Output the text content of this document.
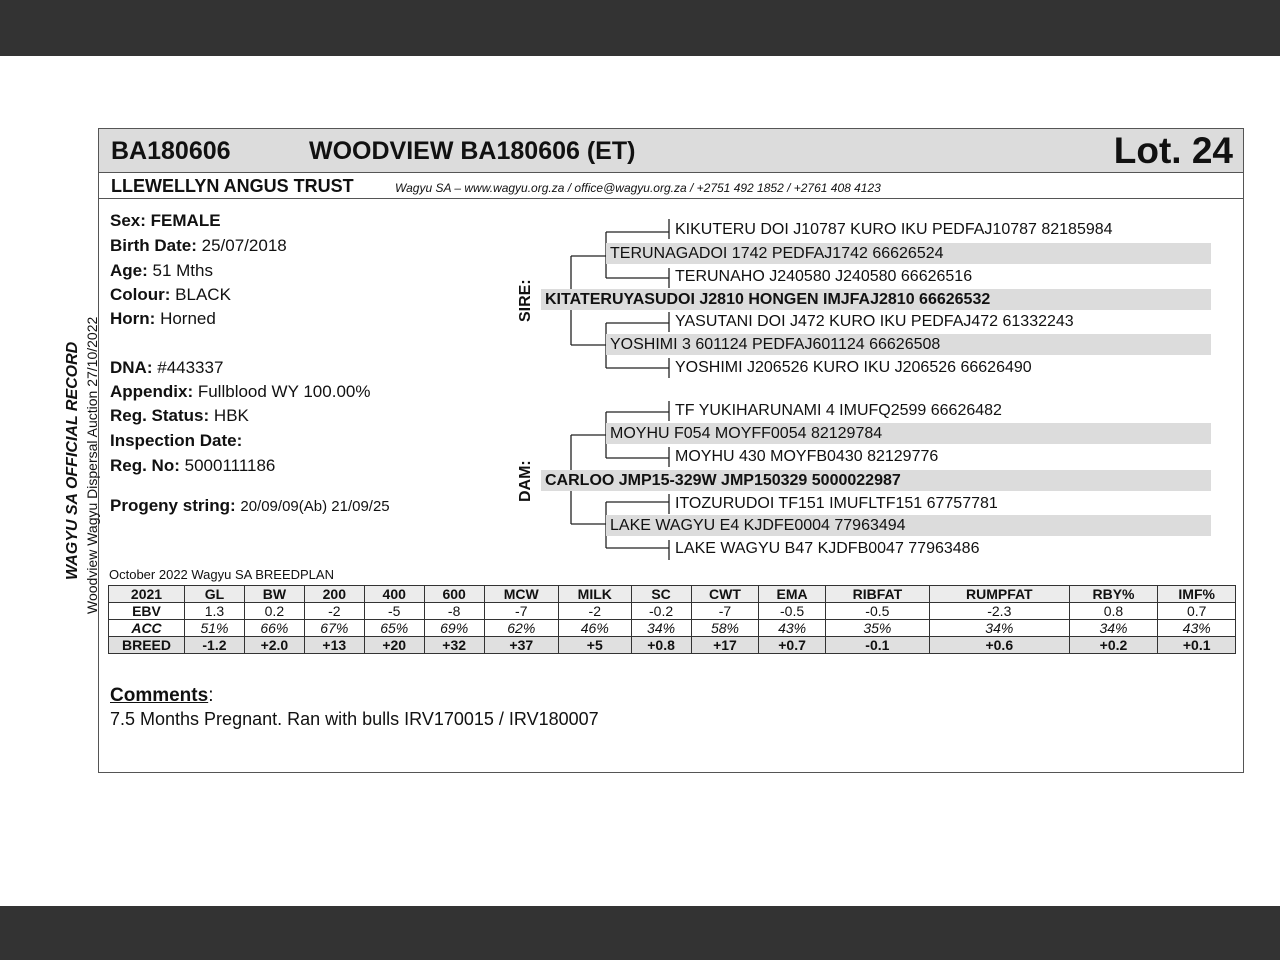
BA180606	WOODVIEW BA180606 (ET)	Lot. 24
LLEWELLYN ANGUS TRUST	Wagyu SA – www.wagyu.org.za / office@wagyu.org.za / +2751 492 1852 / +2761 408 4123
Sex: FEMALE
Birth Date: 25/07/2018
Age: 51 Mths
Colour: BLACK
Horn: Horned
DNA: #443337
Appendix: Fullblood WY 100.00%
Reg. Status: HBK
Inspection Date:
Reg. No: 5000111186
Progeny string: 20/09/09(Ab) 21/09/25
KIKUTERU DOI J10787 KURO IKU PEDFAJ10787 82185984
TERUNAGADOI 1742 PEDFAJ1742 66626524
TERUNAHO J240580 J240580 66626516
KITATERUYASUDOI J2810 HONGEN IMJFAJ2810 66626532
YASUTANI DOI J472 KURO IKU PEDFAJ472 61332243
YOSHIMI 3 601124 PEDFAJ601124 66626508
YOSHIMI J206526 KURO IKU J206526 66626490
TF YUKIHARUNAMI 4 IMUFQ2599 66626482
MOYHU F054 MOYFF0054 82129784
MOYHU 430 MOYFB0430 82129776
CARLOO JMP15-329W JMP150329 5000022987
ITOZURUDOI TF151 IMUFLTF151 67757781
LAKE WAGYU E4 KJDFE0004 77963494
LAKE WAGYU B47 KJDFB0047 77963486
SIRE:
DAM:
October 2022 Wagyu SA BREEDPLAN
2021	GL	BW	200	400	600	MCW	MILK	SC	CWT	EMA	RIBFAT	RUMPFAT	RBY%	IMF%
EBV	1.3	0.2	-2	-5	-8	-7	-2	-0.2	-7	-0.5	-0.5	-2.3	0.8	0.7
ACC	51%	66%	67%	65%	69%	62%	46%	34%	58%	43%	35%	34%	34%	43%
BREED	-1.2	+2.0	+13	+20	+32	+37	+5	+0.8	+17	+0.7	-0.1	+0.6	+0.2	+0.1
Comments:
7.5 Months Pregnant. Ran with bulls IRV170015 / IRV180007
WAGYU SA OFFICIAL RECORD Woodview Wagyu Dispersal Auction 27/10/2022
